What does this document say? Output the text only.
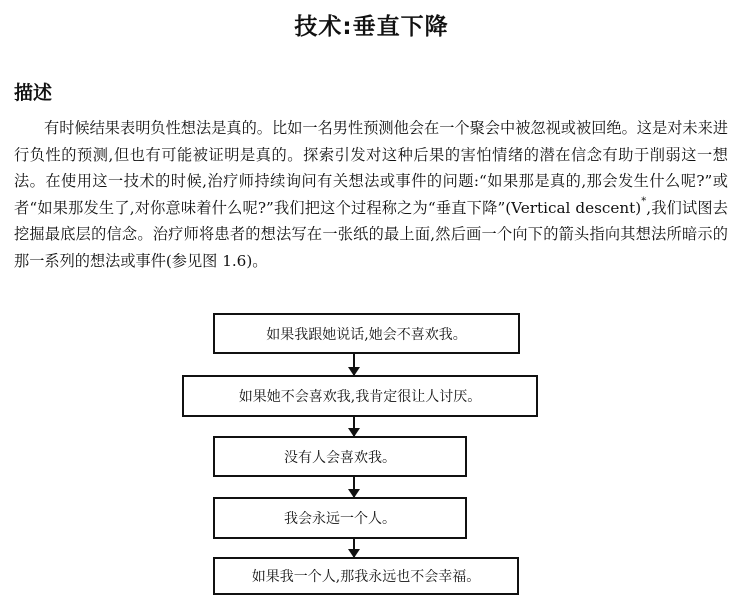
技术:垂直下降
描述

有时候结果表明负性想法是真的。比如一名男性预测他会在一个聚会中被忽视或被回绝。这是对未来进行负性的预测,但也有可能被证明是真的。探索引发对这种后果的害怕情绪的潜在信念有助于削弱这一想法。在使用这一技术的时候,治疗师持续询问有关想法或事件的问题:“如果那是真的,那会发生什么呢?”或者“如果那发生了,对你意味着什么呢?”我们把这个过程称之为“垂直下降”(Vertical descent)*,我们试图去挖掘最底层的信念。治疗师将患者的想法写在一张纸的最上面,然后画一个向下的箭头指向其想法所暗示的那一系列的想法或事件(参见图 1.6)。

如果我跟她说话,她会不喜欢我。
如果她不会喜欢我,我肯定很让人讨厌。
没有人会喜欢我。
我会永远一个人。
如果我一个人,那我永远也不会幸福。
